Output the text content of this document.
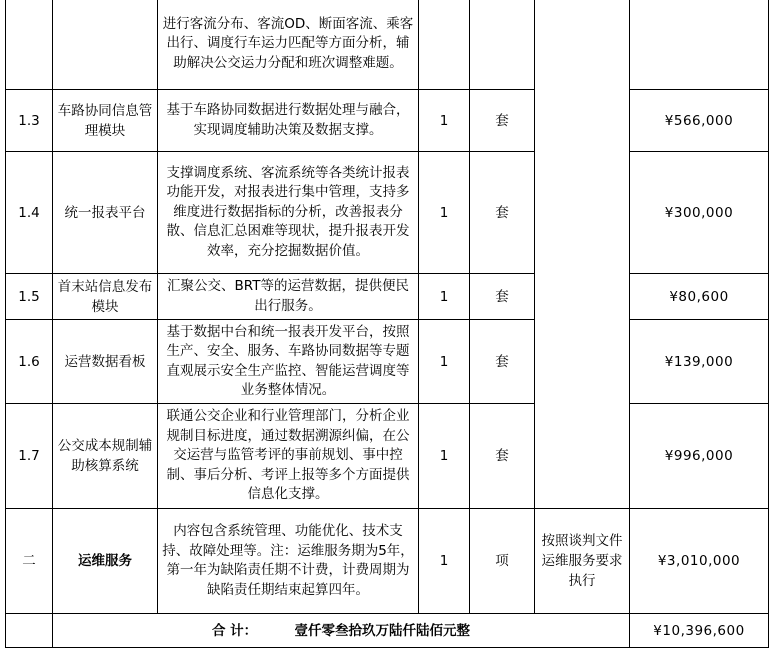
		进行客流分布、客流OD、断面客流、乘客出行、调度行车运力匹配等方面分析，辅助解决公交运力分配和班次调整难题。				
1.3	车路协同信息管理模块	基于车路协同数据进行数据处理与融合，实现调度辅助决策及数据支撑。	1	套		¥566,000
1.4	统一报表平台	支撑调度系统、客流系统等各类统计报表功能开发，对报表进行集中管理，支持多维度进行数据指标的分析，改善报表分散、信息汇总困难等现状，提升报表开发效率，充分挖掘数据价值。	1	套		¥300,000
1.5	首末站信息发布模块	汇聚公交、BRT等的运营数据，提供便民出行服务。	1	套		¥80,600
1.6	运营数据看板	基于数据中台和统一报表开发平台，按照生产、安全、服务、车路协同数据等专题直观展示安全生产监控、智能运营调度等业务整体情况。	1	套		¥139,000
1.7	公交成本规制辅助核算系统	联通公交企业和行业管理部门，分析企业规制目标进度，通过数据溯源纠偏，在公交运营与监管考评的事前规划、事中控制、事后分析、考评上报等多个方面提供信息化支撑。	1	套		¥996,000
二	运维服务	内容包含系统管理、功能优化、技术支持、故障处理等。注：运维服务期为5年，第一年为缺陷责任期不计费，计费周期为缺陷责任期结束起算四年。	1	项	按照谈判文件运维服务要求执行	¥3,010,000
	合 计： 壹仟零叁拾玖万陆仟陆佰元整					¥10,396,600
